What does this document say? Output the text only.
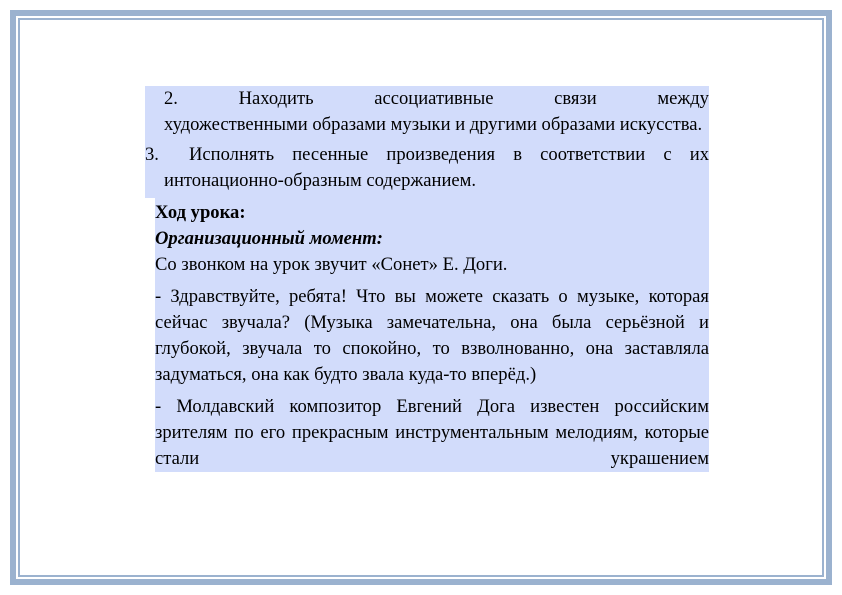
2.	Находить	ассоциативные	связи	между
художественными образами музыки и другими образами искусства.
3. Исполнять песенные произведения в соответствии с их интонационно-образным содержанием.
Ход урока:
Организационный момент:
Со звонком на урок звучит «Сонет» Е. Доги.
- Здравствуйте, ребята! Что вы можете сказать о музыке, которая сейчас звучала? (Музыка замечательна, она была серьёзной и глубокой, звучала то спокойно, то взволнованно, она заставляла задуматься, она как будто звала куда-то вперёд.)
- Молдавский композитор Евгений Дога известен российским зрителям по его прекрасным инструментальным мелодиям, которые стали украшением
